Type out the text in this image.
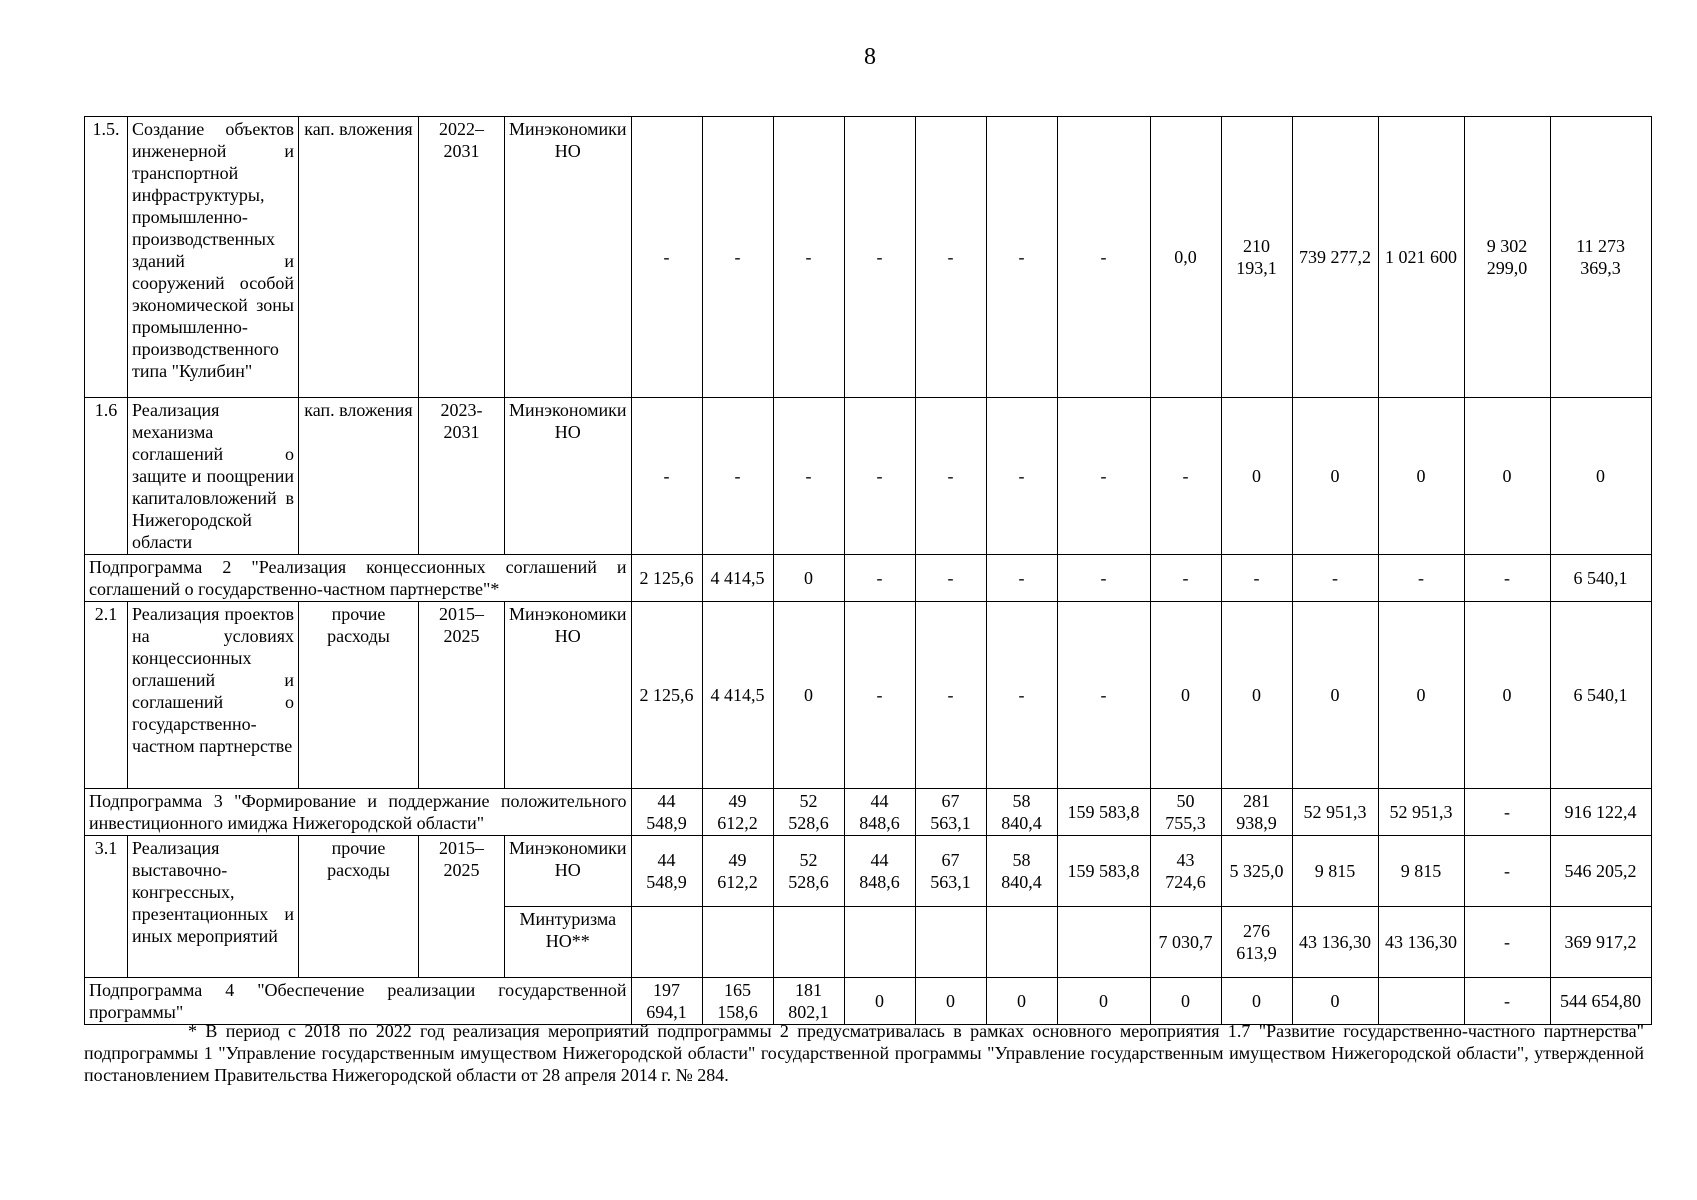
8
1.5.	Создание объектов инженерной и транспортной инфраструктуры, промышленно-производственных зданий и сооружений особой экономической зоны промышленно-производственного типа "Кулибин"	кап. вложения	2022–2031	Минэкономики НО	-	-	-	-	-	-	-	0,0	210 193,1	739 277,2	1 021 600	9 302 299,0	11 273 369,3
1.6	Реализация механизма соглашений о защите и поощрении капиталовложений в Нижегородской области	кап. вложения	2023-2031	Минэкономики НО	-	-	-	-	-	-	-	-	0	0	0	0	0
Подпрограмма 2 "Реализация концессионных соглашений и соглашений о государственно-частном партнерстве"*					2 125,6	4 414,5	0	-	-	-	-	-	-	-	-	-	6 540,1
2.1	Реализация проектов на условиях концессионных оглашений и соглашений о государственно-частном партнерстве	прочие расходы	2015–2025	Минэкономики НО	2 125,6	4 414,5	0	-	-	-	-	0	0	0	0	0	6 540,1
Подпрограмма 3 "Формирование и поддержание положительного инвестиционного имиджа Нижегородской области"					44 548,9	49 612,2	52 528,6	44 848,6	67 563,1	58 840,4	159 583,8	50 755,3	281 938,9	52 951,3	52 951,3	-	916 122,4
3.1	Реализация выставочно-конгрессных, презентационных и иных мероприятий	прочие расходы	2015–2025	Минэкономики НО	44 548,9	49 612,2	52 528,6	44 848,6	67 563,1	58 840,4	159 583,8	43 724,6	5 325,0	9 815	9 815	-	546 205,2
				Минтуризма НО**								7 030,7	276 613,9	43 136,30	43 136,30	-	369 917,2
Подпрограмма 4 "Обеспечение реализации государственной программы"					197 694,1	165 158,6	181 802,1	0	0	0	0	0	0	0		-	544 654,80
* В период с 2018 по 2022 год реализация мероприятий подпрограммы 2 предусматривалась в рамках основного мероприятия 1.7 "Развитие государственно-частного партнерства" подпрограммы 1 "Управление государственным имуществом Нижегородской области" государственной программы "Управление государственным имуществом Нижегородской области", утвержденной постановлением Правительства Нижегородской области от 28 апреля 2014 г. № 284.
